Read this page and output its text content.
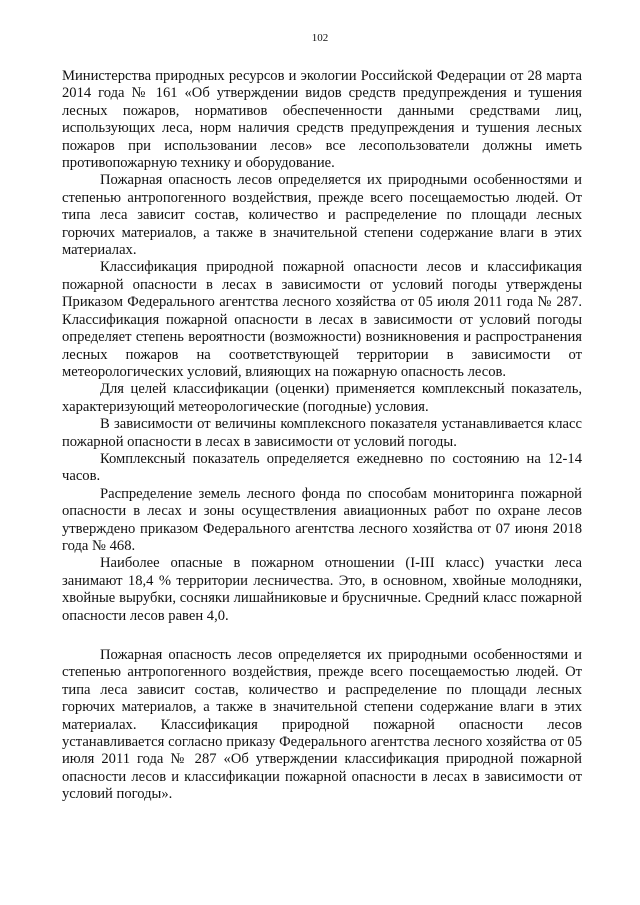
102

Министерства природных ресурсов и экологии Российской Федерации от 28 марта 2014 года № 161 «Об утверждении видов средств предупреждения и тушения лесных пожаров, нормативов обеспеченности данными средствами лиц, использующих леса, норм наличия средств предупреждения и тушения лесных пожаров при использовании лесов» все лесопользователи должны иметь противопожарную технику и оборудование.

Пожарная опасность лесов определяется их природными особенностями и степенью антропогенного воздействия, прежде всего посещаемостью людей. От типа леса зависит состав, количество и распределение по площади лесных горючих материалов, а также в значительной степени содержание влаги в этих материалах.

Классификация природной пожарной опасности лесов и классификация пожарной опасности в лесах в зависимости от условий погоды утверждены Приказом Федерального агентства лесного хозяйства от 05 июля 2011 года № 287. Классификация пожарной опасности в лесах в зависимости от условий погоды определяет степень вероятности (возможности) возникновения и распространения лесных пожаров на соответствующей территории в зависимости от метеорологических условий, влияющих на пожарную опасность лесов.

Для целей классификации (оценки) применяется комплексный показатель, характеризующий метеорологические (погодные) условия.

В зависимости от величины комплексного показателя устанавливается класс пожарной опасности в лесах в зависимости от условий погоды.

Комплексный показатель определяется ежедневно по состоянию на 12-14 часов.

Распределение земель лесного фонда по способам мониторинга пожарной опасности в лесах и зоны осуществления авиационных работ по охране лесов утверждено приказом Федерального агентства лесного хозяйства от 07 июня 2018 года № 468.

Наиболее опасные в пожарном отношении (I-III класс) участки леса занимают 18,4 % территории лесничества. Это, в основном, хвойные молодняки, хвойные вырубки, сосняки лишайниковые и брусничные. Средний класс пожарной опасности лесов равен 4,0.

Пожарная опасность лесов определяется их природными особенностями и степенью антропогенного воздействия, прежде всего посещаемостью людей. От типа леса зависит состав, количество и распределение по площади лесных горючих материалов, а также в значительной степени содержание влаги в этих материалах. Классификация природной пожарной опасности лесов устанавливается согласно приказу Федерального агентства лесного хозяйства от 05 июля 2011 года № 287 «Об утверждении классификация природной пожарной опасности лесов и классификации пожарной опасности в лесах в зависимости от условий погоды».
